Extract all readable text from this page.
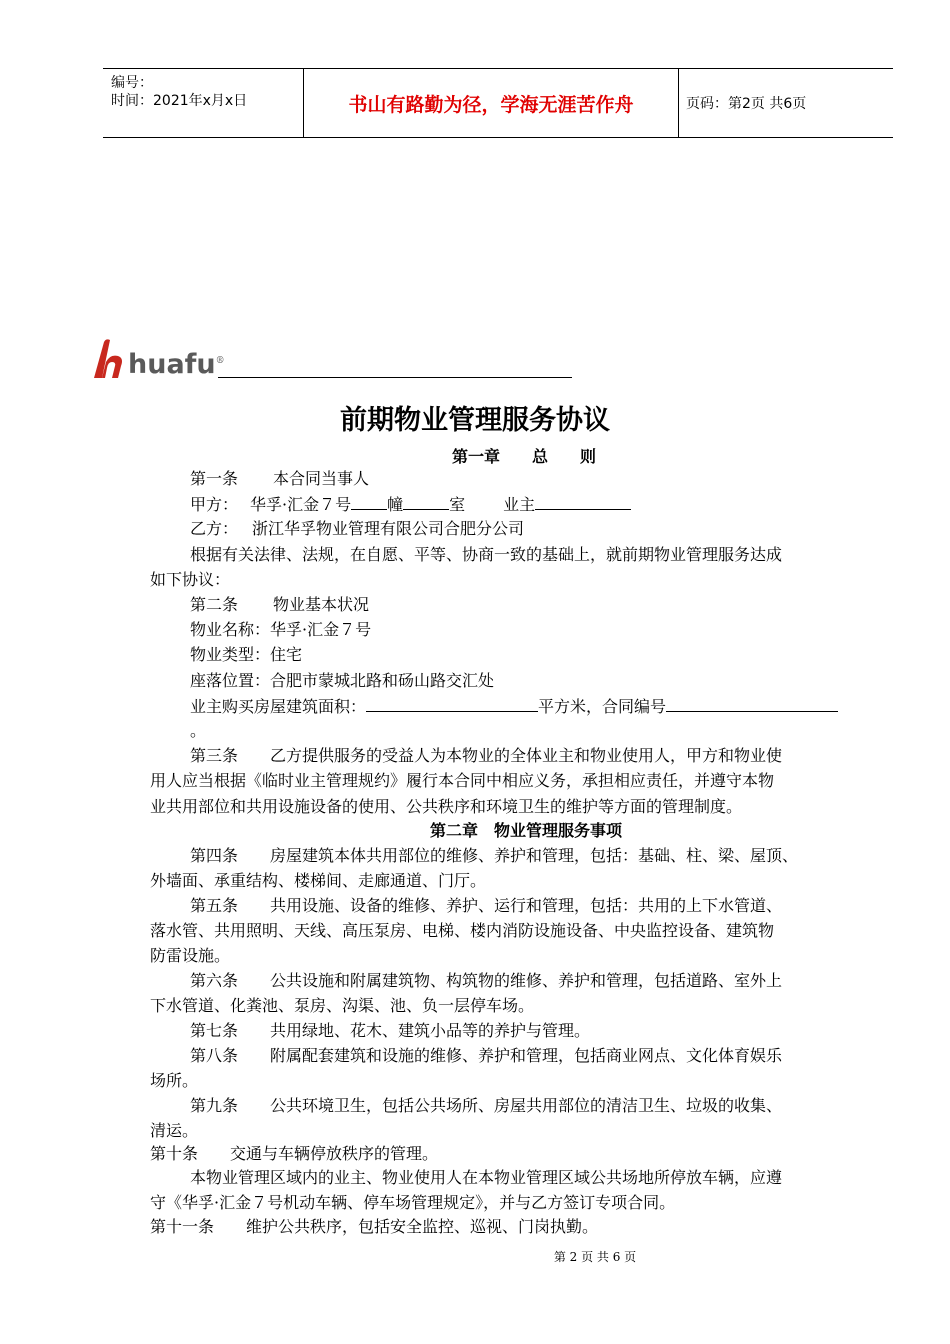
编号：
时间：2021年x月x日	书山有路勤为径，学海无涯苦作舟	页码：第2页 共6页
huafu ®
前期物业管理服务协议
第一章　　总　　则
第一条 本合同当事人
甲方： 华孚·汇金７号 幢	室 业主
乙方： 浙江华孚物业管理有限公司合肥分公司
根据有关法律、法规，在自愿、平等、协商一致的基础上，就前期物业管理服务达成
如下协议：
第二条 物业基本状况
物业名称：华孚·汇金７号
物业类型：住宅
座落位置：合肥市蒙城北路和砀山路交汇处
业主购买房屋建筑面积：	平方米，合同编号
。
第三条　　乙方提供服务的受益人为本物业的全体业主和物业使用人，甲方和物业使
用人应当根据《临时业主管理规约》履行本合同中相应义务，承担相应责任，并遵守本物
业共用部位和共用设施设备的使用、公共秩序和环境卫生的维护等方面的管理制度。
第二章　物业管理服务事项
第四条　　房屋建筑本体共用部位的维修、养护和管理，包括：基础、柱、梁、屋顶、
外墙面、承重结构、楼梯间、走廊通道、门厅。
第五条　　共用设施、设备的维修、养护、运行和管理，包括：共用的上下水管道、
落水管、共用照明、天线、高压泵房、电梯、楼内消防设施设备、中央监控设备、建筑物
防雷设施。
第六条　　公共设施和附属建筑物、构筑物的维修、养护和管理，包括道路、室外上
下水管道、化粪池、泵房、沟渠、池、负一层停车场。
第七条　　共用绿地、花木、建筑小品等的养护与管理。
第八条　　附属配套建筑和设施的维修、养护和管理，包括商业网点、文化体育娱乐
场所。
第九条　　公共环境卫生，包括公共场所、房屋共用部位的清洁卫生、垃圾的收集、
清运。
第十条　　交通与车辆停放秩序的管理。
本物业管理区域内的业主、物业使用人在本物业管理区域公共场地所停放车辆，应遵
守《华孚·汇金７号机动车辆、停车场管理规定》，并与乙方签订专项合同。
第十一条　　维护公共秩序，包括安全监控、巡视、门岗执勤。
第 2 页 共 6 页
